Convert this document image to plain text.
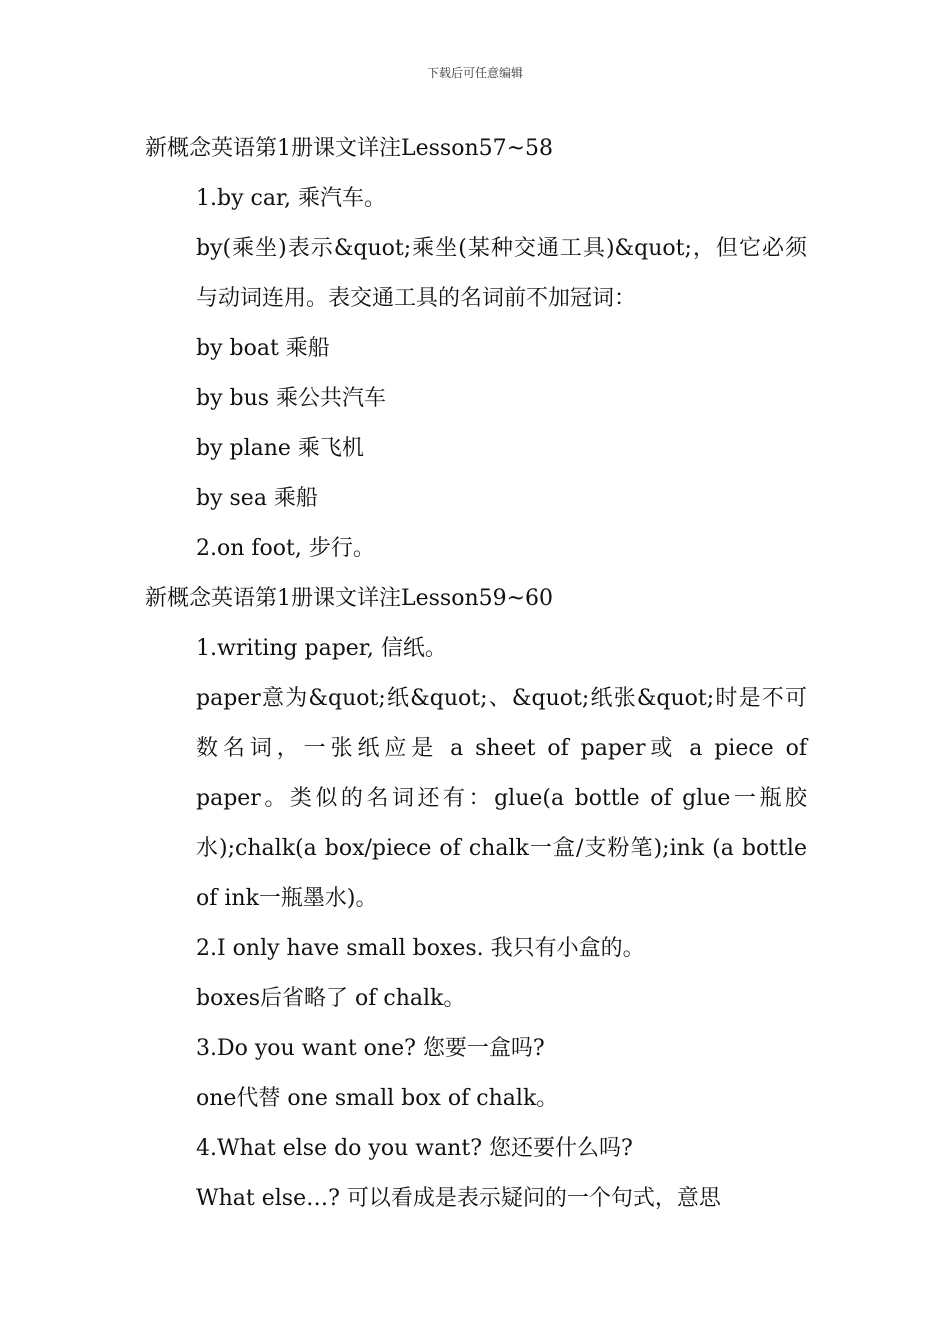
下载后可任意编辑

新概念英语第1册课文详注Lesson57~58

1.by car, 乘汽车。

by(乘坐)表示&quot;乘坐(某种交通工具)&quot;，但它必须与动词连用。表交通工具的名词前不加冠词：

by boat 乘船

by bus 乘公共汽车

by plane 乘飞机

by sea 乘船

2.on foot, 步行。

新概念英语第1册课文详注Lesson59~60

1.writing paper, 信纸。

paper意为&quot;纸&quot;、&quot;纸张&quot;时是不可数名词，一张纸应是 a sheet of paper或 a piece of paper。类似的名词还有：glue(a bottle of glue一瓶胶水);chalk(a box/piece of chalk一盒/支粉笔);ink (a bottle of ink一瓶墨水)。

2.I only have small boxes. 我只有小盒的。

boxes后省略了 of chalk。

3.Do you want one? 您要一盒吗?

one代替 one small box of chalk。

4.What else do you want? 您还要什么吗?

What else…? 可以看成是表示疑问的一个句式，意思
